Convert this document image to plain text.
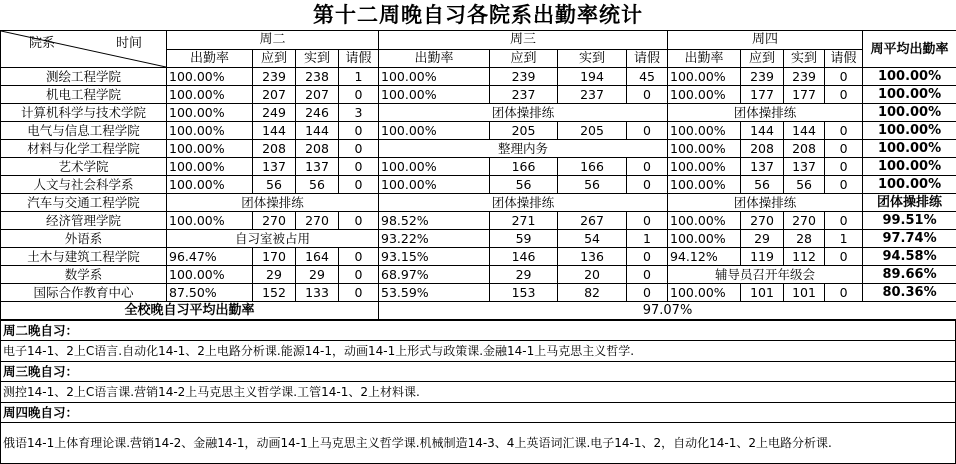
第十二周晚自习各院系出勤率统计
院系 时间	周二				周三				周四				周平均出勤率
	出勤率	应到	实到	请假	出勤率	应到	实到	请假	出勤率	应到	实到	请假	
测绘工程学院	100.00%	239	238	1	100.00%	239	194	45	100.00%	239	239	0	100.00%
机电工程学院	100.00%	207	207	0	100.00%	237	237	0	100.00%	177	177	0	100.00%
计算机科学与技术学院	100.00%	249	246	3	团体操排练				团体操排练				100.00%
电气与信息工程学院	100.00%	144	144	0	100.00%	205	205	0	100.00%	144	144	0	100.00%
材料与化学工程学院	100.00%	208	208	0	整理内务				100.00%	208	208	0	100.00%
艺术学院	100.00%	137	137	0	100.00%	166	166	0	100.00%	137	137	0	100.00%
人文与社会科学系	100.00%	56	56	0	100.00%	56	56	0	100.00%	56	56	0	100.00%
汽车与交通工程学院	团体操排练				团体操排练				团体操排练				团体操排练
经济管理学院	100.00%	270	270	0	98.52%	271	267	0	100.00%	270	270	0	99.51%
外语系	自习室被占用				93.22%	59	54	1	100.00%	29	28	1	97.74%
土木与建筑工程学院	96.47%	170	164	0	93.15%	146	136	0	94.12%	119	112	0	94.58%
数学系	100.00%	29	29	0	68.97%	29	20	0	辅导员召开年级会				89.66%
国际合作教育中心	87.50%	152	133	0	53.59%	153	82	0	100.00%	101	101	0	80.36%
全校晚自习平均出勤率					97.07%								
周二晚自习：
电子14-1、2上C语言.自动化14-1、2上电路分析课.能源14-1，动画14-1上形式与政策课.金融14-1上马克思主义哲学.
周三晚自习：
测控14-1、2上C语言课.营销14-2上马克思主义哲学课.工管14-1、2上材料课.
周四晚自习：
俄语14-1上体育理论课.营销14-2、金融14-1，动画14-1上马克思主义哲学课.机械制造14-3、4上英语词汇课.电子14-1、2，自动化14-1、2上电路分析课.
